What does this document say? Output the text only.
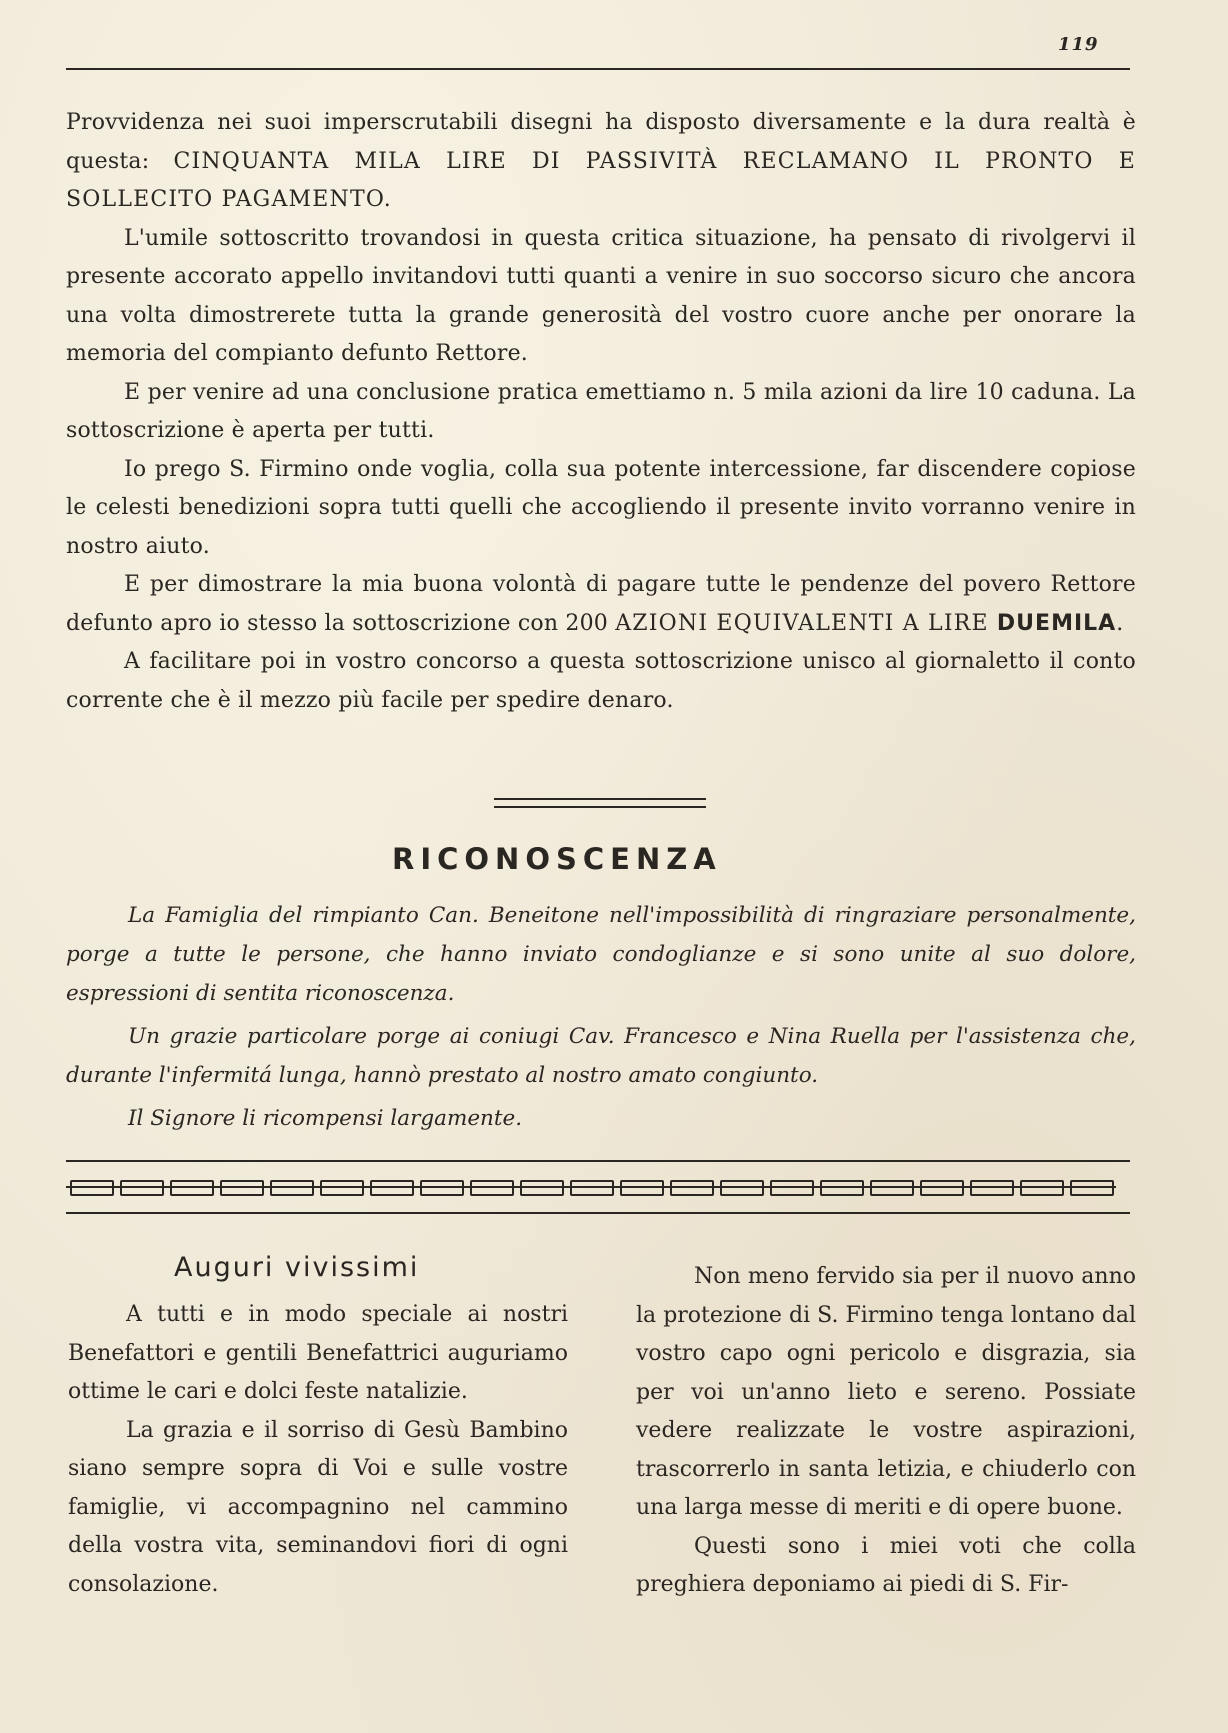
119

Provvidenza nei suoi imperscrutabili disegni ha disposto diversamente e la dura realtà è questa: CINQUANTA MILA LIRE DI PASSIVITÀ RECLAMANO IL PRONTO E SOLLECITO PAGAMENTO.

L'umile sottoscritto trovandosi in questa critica situazione, ha pensato di rivolgervi il presente accorato appello invitandovi tutti quanti a venire in suo soccorso sicuro che ancora una volta dimostrerete tutta la grande generosità del vostro cuore anche per onorare la memoria del compianto defunto Rettore.

E per venire ad una conclusione pratica emettiamo n. 5 mila azioni da lire 10 caduna. La sottoscrizione è aperta per tutti.

Io prego S. Firmino onde voglia, colla sua potente intercessione, far discendere copiose le celesti benedizioni sopra tutti quelli che accogliendo il presente invito vorranno venire in nostro aiuto.

E per dimostrare la mia buona volontà di pagare tutte le pendenze del povero Rettore defunto apro io stesso la sottoscrizione con 200 AZIONI EQUIVALENTI A LIRE DUEMILA.

A facilitare poi in vostro concorso a questa sottoscrizione unisco al giornaletto il conto corrente che è il mezzo più facile per spedire denaro.

RICONOSCENZA

La Famiglia del rimpianto Can. Beneitone nell'impossibilità di ringraziare personalmente, porge a tutte le persone, che hanno inviato condoglianze e si sono unite al suo dolore, espressioni di sentita riconoscenza.

Un grazie particolare porge ai coniugi Cav. Francesco e Nina Ruella per l'assistenza che, durante l'infermitá lunga, hannò prestato al nostro amato congiunto.

Il Signore li ricompensi largamente.

Auguri vivissimi

A tutti e in modo speciale ai nostri Benefattori e gentili Benefattrici auguriamo ottime le cari e dolci feste natalizie.

La grazia e il sorriso di Gesù Bambino siano sempre sopra di Voi e sulle vostre famiglie, vi accompagnino nel cammino della vostra vita, seminandovi fiori di ogni consolazione.

Non meno fervido sia per il nuovo anno la protezione di S. Firmino tenga lontano dal vostro capo ogni pericolo e disgrazia, sia per voi un'anno lieto e sereno. Possiate vedere realizzate le vostre aspirazioni, trascorrerlo in santa letizia, e chiuderlo con una larga messe di meriti e di opere buone.

Questi sono i miei voti che colla preghiera deponiamo ai piedi di S. Fir-
